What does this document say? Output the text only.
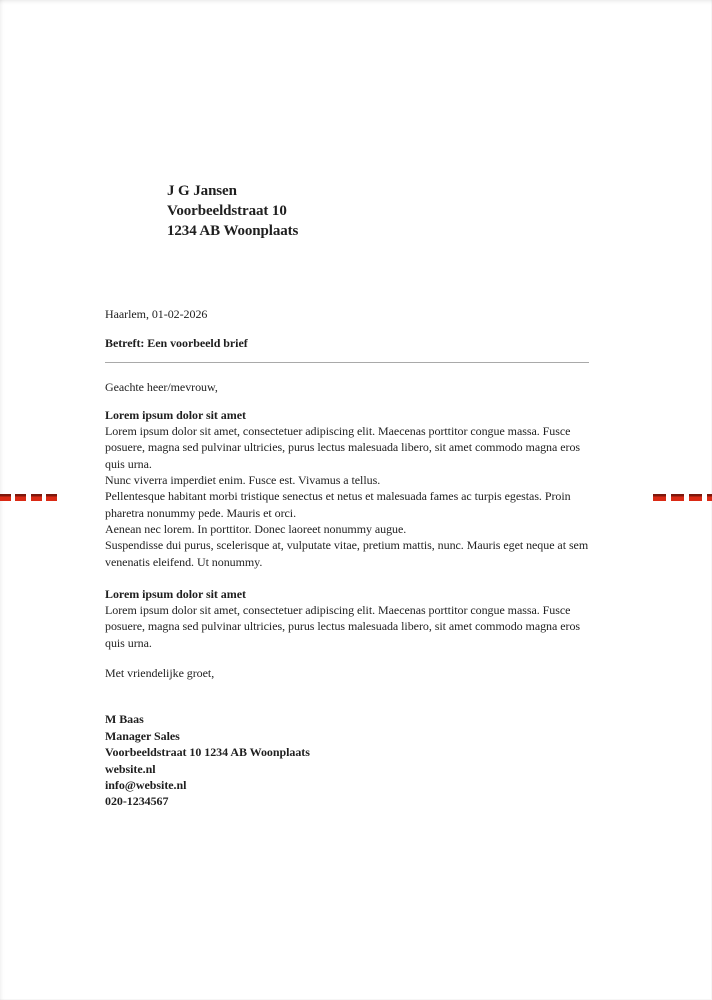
J G Jansen
Voorbeeldstraat 10
1234 AB Woonplaats
Haarlem, 01-02-2026
Betreft: Een voorbeeld brief
Geachte heer/mevrouw,
Lorem ipsum dolor sit amet
Lorem ipsum dolor sit amet, consectetuer adipiscing elit. Maecenas porttitor congue massa. Fusce posuere, magna sed pulvinar ultricies, purus lectus malesuada libero, sit amet commodo magna eros quis urna.
Nunc viverra imperdiet enim. Fusce est. Vivamus a tellus.
Pellentesque habitant morbi tristique senectus et netus et malesuada fames ac turpis egestas. Proin pharetra nonummy pede. Mauris et orci.
Aenean nec lorem. In porttitor. Donec laoreet nonummy augue.
Suspendisse dui purus, scelerisque at, vulputate vitae, pretium mattis, nunc. Mauris eget neque at sem venenatis eleifend. Ut nonummy.
Lorem ipsum dolor sit amet
Lorem ipsum dolor sit amet, consectetuer adipiscing elit. Maecenas porttitor congue massa. Fusce posuere, magna sed pulvinar ultricies, purus lectus malesuada libero, sit amet commodo magna eros quis urna.
Met vriendelijke groet,
M Baas
Manager Sales
Voorbeeldstraat 10 1234 AB Woonplaats
website.nl
info@website.nl
020-1234567
